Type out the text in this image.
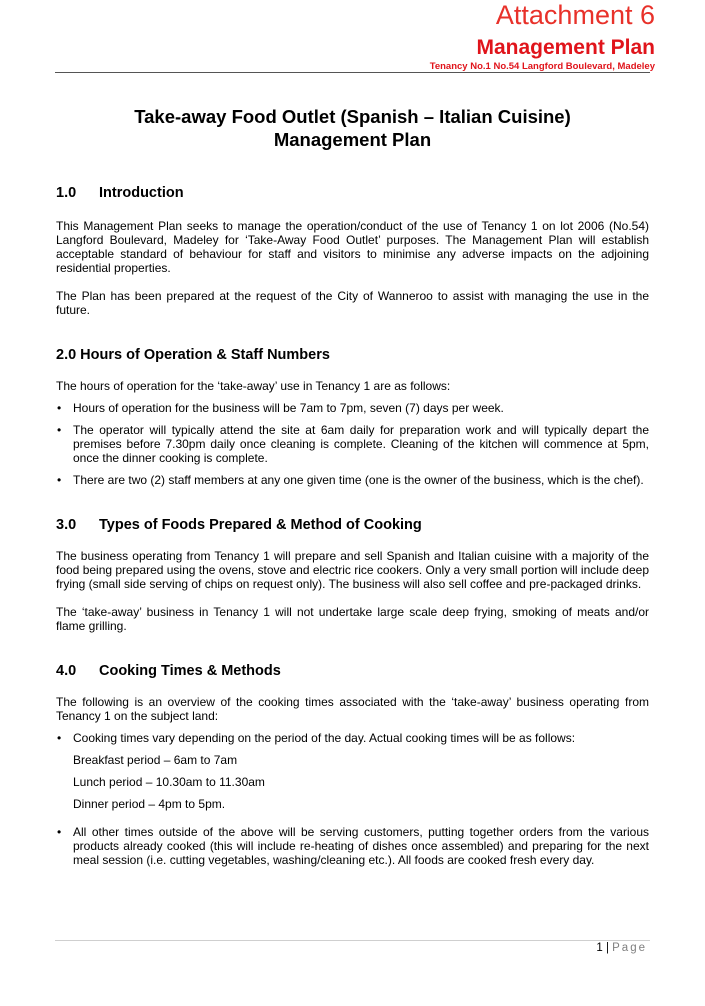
Attachment 6
Management Plan
Tenancy No.1 No.54 Langford Boulevard, Madeley
Take-away Food Outlet (Spanish – Italian Cuisine)
Management Plan
1.0 Introduction

This Management Plan seeks to manage the operation/conduct of the use of Tenancy 1 on lot 2006 (No.54) Langford Boulevard, Madeley for ‘Take-Away Food Outlet’ purposes. The Management Plan will establish acceptable standard of behaviour for staff and visitors to minimise any adverse impacts on the adjoining residential properties.

The Plan has been prepared at the request of the City of Wanneroo to assist with managing the use in the future.

2.0 Hours of Operation & Staff Numbers

The hours of operation for the ‘take-away’ use in Tenancy 1 are as follows:

• Hours of operation for the business will be 7am to 7pm, seven (7) days per week.
• The operator will typically attend the site at 6am daily for preparation work and will typically depart the premises before 7.30pm daily once cleaning is complete. Cleaning of the kitchen will commence at 5pm, once the dinner cooking is complete.
• There are two (2) staff members at any one given time (one is the owner of the business, which is the chef).
3.0 Types of Foods Prepared & Method of Cooking

The business operating from Tenancy 1 will prepare and sell Spanish and Italian cuisine with a majority of the food being prepared using the ovens, stove and electric rice cookers. Only a very small portion will include deep frying (small side serving of chips on request only). The business will also sell coffee and pre-packaged drinks.

The ‘take-away’ business in Tenancy 1 will not undertake large scale deep frying, smoking of meats and/or flame grilling.

4.0 Cooking Times & Methods

The following is an overview of the cooking times associated with the ‘take-away’ business operating from Tenancy 1 on the subject land:

• Cooking times vary depending on the period of the day. Actual cooking times will be as follows:
Breakfast period – 6am to 7am
Lunch period – 10.30am to 11.30am
Dinner period – 4pm to 5pm.
• All other times outside of the above will be serving customers, putting together orders from the various products already cooked (this will include re-heating of dishes once assembled) and preparing for the next meal session (i.e. cutting vegetables, washing/cleaning etc.). All foods are cooked fresh every day.
1 | Page
